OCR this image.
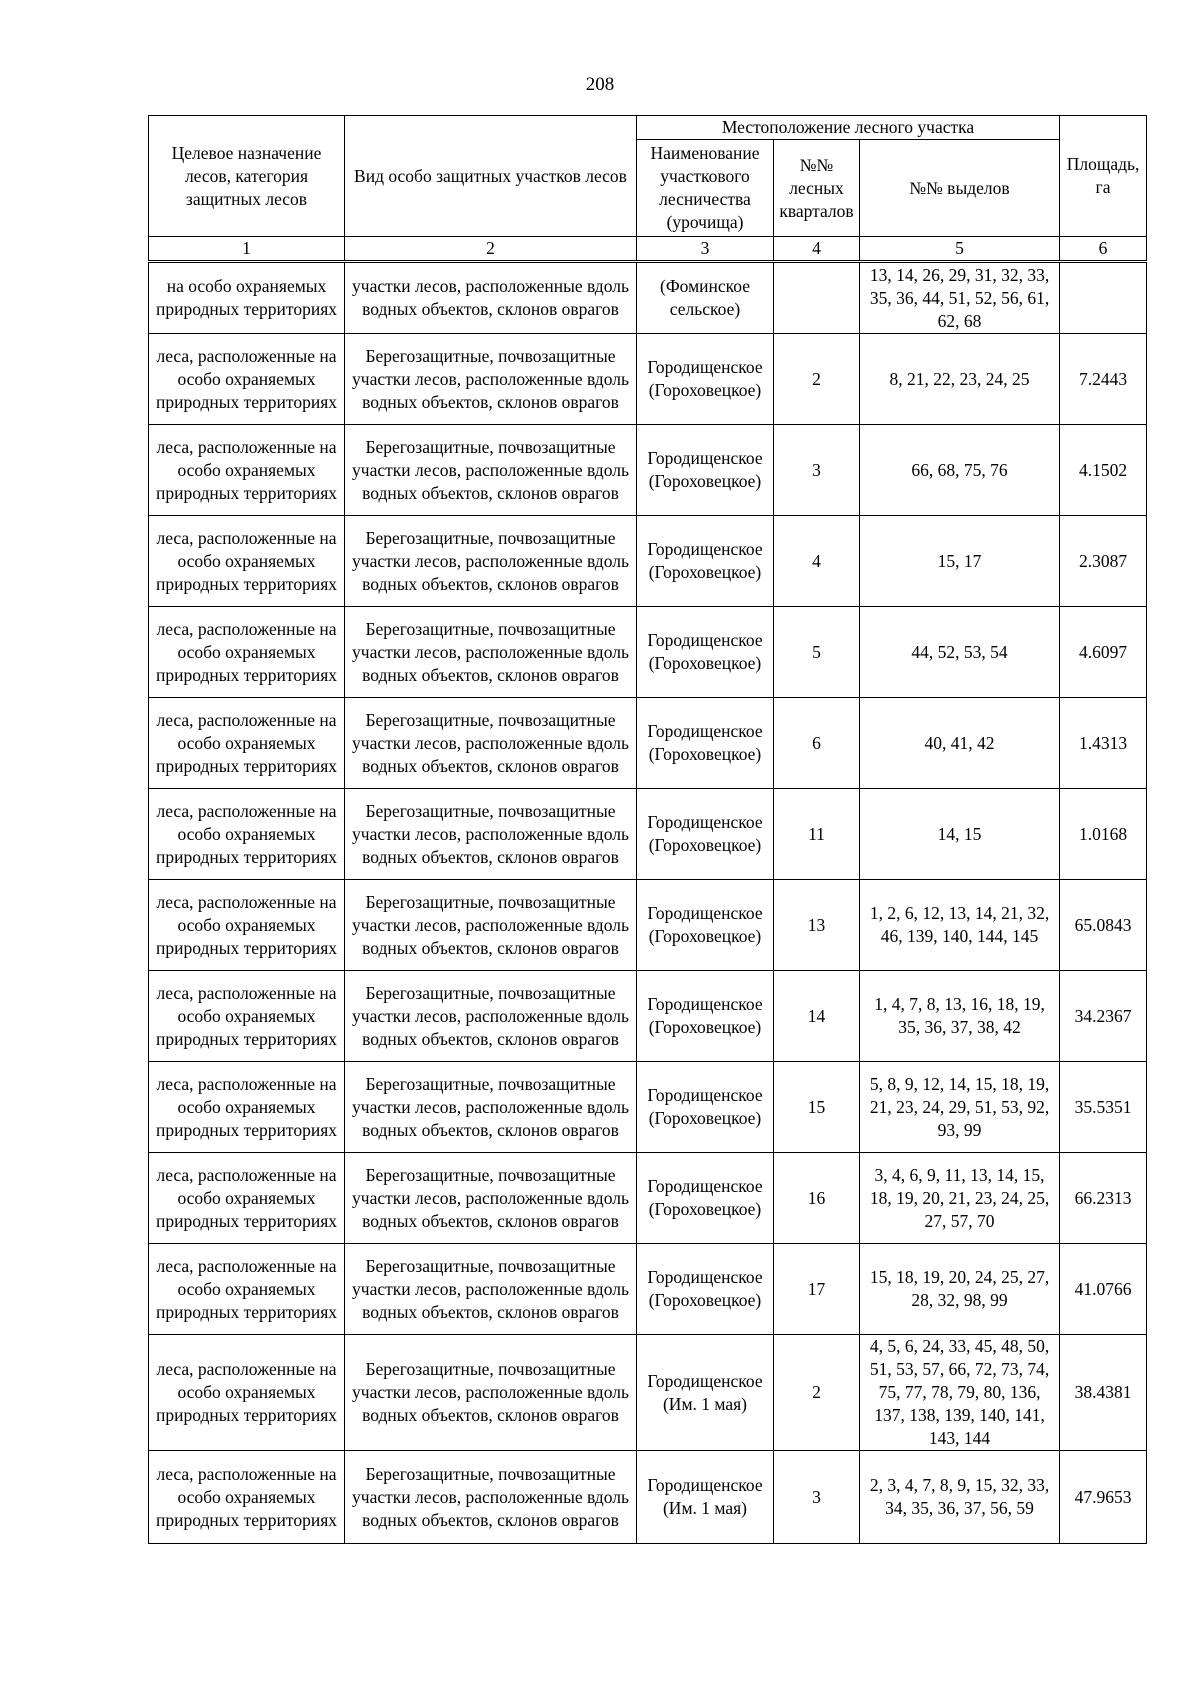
208
Целевое назначение лесов, категория защитных лесов	Вид особо защитных участков лесов	Местоположение лесного участка			Площадь, га
		Наименование участкового лесничества (урочища)	№№ лесных кварталов	№№ выделов	
1	2	3	4	5	6
на особо охраняемых природных территориях	участки лесов, расположенные вдоль водных объектов, склонов оврагов	(Фоминское сельское)		13, 14, 26, 29, 31, 32, 33, 35, 36, 44, 51, 52, 56, 61, 62, 68	
леса, расположенные на особо охраняемых природных территориях	Берегозащитные, почвозащитные участки лесов, расположенные вдоль водных объектов, склонов оврагов	Городищенское (Гороховецкое)	2	8, 21, 22, 23, 24, 25	7.2443
леса, расположенные на особо охраняемых природных территориях	Берегозащитные, почвозащитные участки лесов, расположенные вдоль водных объектов, склонов оврагов	Городищенское (Гороховецкое)	3	66, 68, 75, 76	4.1502
леса, расположенные на особо охраняемых природных территориях	Берегозащитные, почвозащитные участки лесов, расположенные вдоль водных объектов, склонов оврагов	Городищенское (Гороховецкое)	4	15, 17	2.3087
леса, расположенные на особо охраняемых природных территориях	Берегозащитные, почвозащитные участки лесов, расположенные вдоль водных объектов, склонов оврагов	Городищенское (Гороховецкое)	5	44, 52, 53, 54	4.6097
леса, расположенные на особо охраняемых природных территориях	Берегозащитные, почвозащитные участки лесов, расположенные вдоль водных объектов, склонов оврагов	Городищенское (Гороховецкое)	6	40, 41, 42	1.4313
леса, расположенные на особо охраняемых природных территориях	Берегозащитные, почвозащитные участки лесов, расположенные вдоль водных объектов, склонов оврагов	Городищенское (Гороховецкое)	11	14, 15	1.0168
леса, расположенные на особо охраняемых природных территориях	Берегозащитные, почвозащитные участки лесов, расположенные вдоль водных объектов, склонов оврагов	Городищенское (Гороховецкое)	13	1, 2, 6, 12, 13, 14, 21, 32, 46, 139, 140, 144, 145	65.0843
леса, расположенные на особо охраняемых природных территориях	Берегозащитные, почвозащитные участки лесов, расположенные вдоль водных объектов, склонов оврагов	Городищенское (Гороховецкое)	14	1, 4, 7, 8, 13, 16, 18, 19, 35, 36, 37, 38, 42	34.2367
леса, расположенные на особо охраняемых природных территориях	Берегозащитные, почвозащитные участки лесов, расположенные вдоль водных объектов, склонов оврагов	Городищенское (Гороховецкое)	15	5, 8, 9, 12, 14, 15, 18, 19, 21, 23, 24, 29, 51, 53, 92, 93, 99	35.5351
леса, расположенные на особо охраняемых природных территориях	Берегозащитные, почвозащитные участки лесов, расположенные вдоль водных объектов, склонов оврагов	Городищенское (Гороховецкое)	16	3, 4, 6, 9, 11, 13, 14, 15, 18, 19, 20, 21, 23, 24, 25, 27, 57, 70	66.2313
леса, расположенные на особо охраняемых природных территориях	Берегозащитные, почвозащитные участки лесов, расположенные вдоль водных объектов, склонов оврагов	Городищенское (Гороховецкое)	17	15, 18, 19, 20, 24, 25, 27, 28, 32, 98, 99	41.0766
леса, расположенные на особо охраняемых природных территориях	Берегозащитные, почвозащитные участки лесов, расположенные вдоль водных объектов, склонов оврагов	Городищенское (Им. 1 мая)	2	4, 5, 6, 24, 33, 45, 48, 50, 51, 53, 57, 66, 72, 73, 74, 75, 77, 78, 79, 80, 136, 137, 138, 139, 140, 141, 143, 144	38.4381
леса, расположенные на особо охраняемых природных территориях	Берегозащитные, почвозащитные участки лесов, расположенные вдоль водных объектов, склонов оврагов	Городищенское (Им. 1 мая)	3	2, 3, 4, 7, 8, 9, 15, 32, 33, 34, 35, 36, 37, 56, 59	47.9653
